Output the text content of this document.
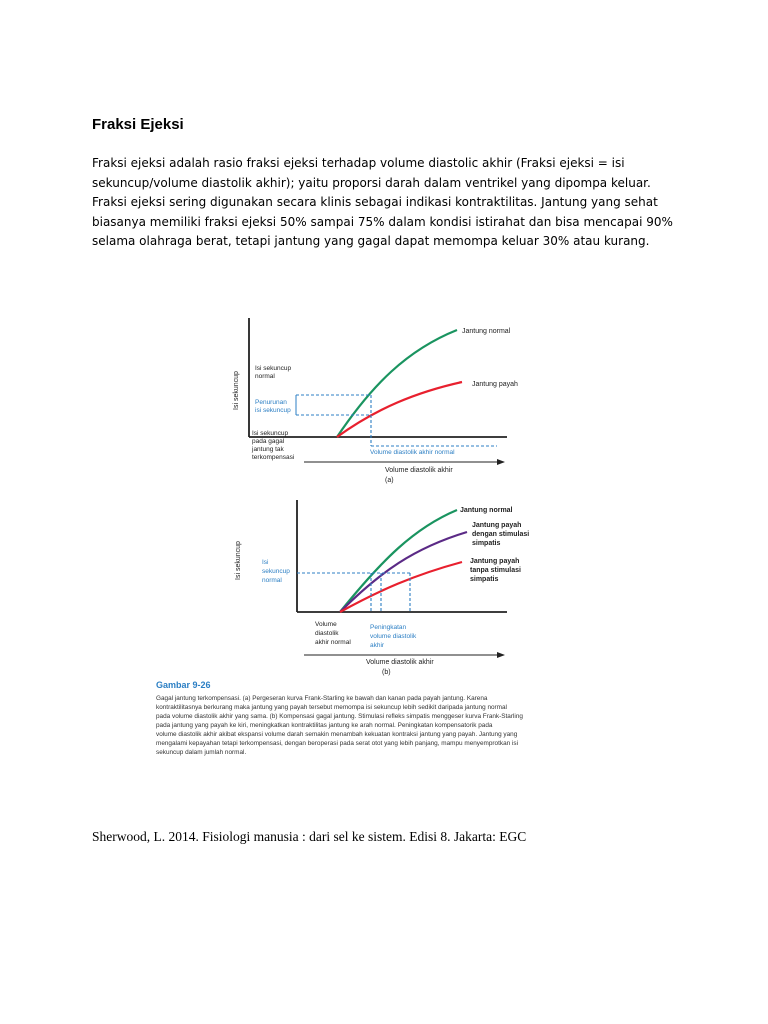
Fraksi Ejeksi
Fraksi ejeksi adalah rasio fraksi ejeksi terhadap volume diastolic akhir (Fraksi ejeksi = isi
sekuncup/volume diastolik akhir); yaitu proporsi darah dalam ventrikel yang dipompa keluar.
Fraksi ejeksi sering digunakan secara klinis sebagai indikasi kontraktilitas. Jantung yang sehat
biasanya memiliki fraksi ejeksi 50% sampai 75% dalam kondisi istirahat dan bisa mencapai 90%
selama olahraga berat, tetapi jantung yang gagal dapat memompa keluar 30% atau kurang.
Isi sekuncup
Volume diastolik akhir
(a)
Jantung normal
Jantung payah
Isi sekuncup normal
Penurunan isi sekuncup
Isi sekuncup pada gagal jantung tak terkompensasi
Volume diastolik akhir normal
Isi sekuncup
Volume diastolik akhir
(b)
Jantung normal
Jantung payah dengan stimulasi simpatis
Jantung payah tanpa stimulasi simpatis
Isi sekuncup normal
Volume diastolik akhir normal
Peningkatan volume diastolik akhir
Gambar 9-26
Gagal jantung terkompensasi. (a) Pergeseran kurva Frank-Starling ke bawah dan kanan pada payah jantung. Karena kontraktilitasnya berkurang maka jantung yang payah tersebut memompa isi sekuncup lebih sedikit daripada jantung normal pada volume diastolik akhir yang sama. (b) Kompensasi gagal jantung. Stimulasi refleks simpatis menggeser kurva Frank-Starling pada jantung yang payah ke kiri, meningkatkan kontraktilitas jantung ke arah normal. Peningkatan kompensatorik pada volume diastolik akhir akibat ekspansi volume darah semakin menambah kekuatan kontraksi jantung yang payah. Jantung yang mengalami kepayahan tetapi terkompensasi, dengan beroperasi pada serat otot yang lebih panjang, mampu menyemprotkan isi sekuncup dalam jumlah normal.

Sherwood, L. 2014. Fisiologi manusia : dari sel ke sistem. Edisi 8. Jakarta: EGC
